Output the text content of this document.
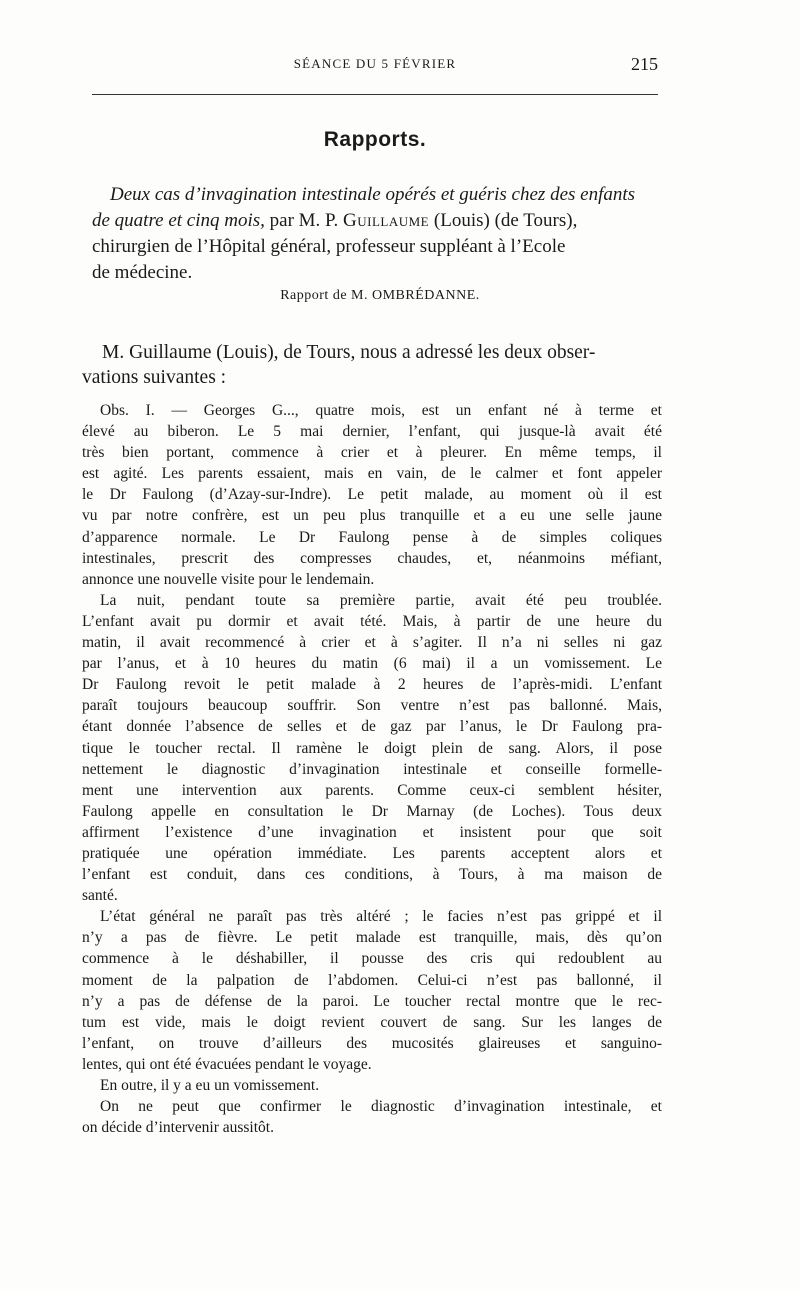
SÉANCE DU 5 FÉVRIER	215
Rapports.
Deux cas d’invagination intestinale opérés et guéris chez des enfants
de quatre et cinq mois, par M. P. Guillaume (Louis) (de Tours),
chirurgien de l’Hôpital général, professeur suppléant à l’Ecole
de médecine.
Rapport de M. OMBRÉDANNE.
M. Guillaume (Louis), de Tours, nous a adressé les deux obser-
vations suivantes :
Obs. I. — Georges G..., quatre mois, est un enfant né à terme et
élevé au biberon. Le 5 mai dernier, l’enfant, qui jusque-là avait été
très bien portant, commence à crier et à pleurer. En même temps, il
est agité. Les parents essaient, mais en vain, de le calmer et font appeler
le Dr Faulong (d’Azay-sur-Indre). Le petit malade, au moment où il est
vu par notre confrère, est un peu plus tranquille et a eu une selle jaune
d’apparence normale. Le Dr Faulong pense à de simples coliques
intestinales, prescrit des compresses chaudes, et, néanmoins méfiant,
annonce une nouvelle visite pour le lendemain.
La nuit, pendant toute sa première partie, avait été peu troublée.
L’enfant avait pu dormir et avait tété. Mais, à partir de une heure du
matin, il avait recommencé à crier et à s’agiter. Il n’a ni selles ni gaz
par l’anus, et à 10 heures du matin (6 mai) il a un vomissement. Le
Dr Faulong revoit le petit malade à 2 heures de l’après-midi. L’enfant
paraît toujours beaucoup souffrir. Son ventre n’est pas ballonné. Mais,
étant donnée l’absence de selles et de gaz par l’anus, le Dr Faulong pra-
tique le toucher rectal. Il ramène le doigt plein de sang. Alors, il pose
nettement le diagnostic d’invagination intestinale et conseille formelle-
ment une intervention aux parents. Comme ceux-ci semblent hésiter,
Faulong appelle en consultation le Dr Marnay (de Loches). Tous deux
affirment l’existence d’une invagination et insistent pour que soit
pratiquée une opération immédiate. Les parents acceptent alors et
l’enfant est conduit, dans ces conditions, à Tours, à ma maison de
santé.
L’état général ne paraît pas très altéré ; le facies n’est pas grippé et il
n’y a pas de fièvre. Le petit malade est tranquille, mais, dès qu’on
commence à le déshabiller, il pousse des cris qui redoublent au
moment de la palpation de l’abdomen. Celui-ci n’est pas ballonné, il
n’y a pas de défense de la paroi. Le toucher rectal montre que le rec-
tum est vide, mais le doigt revient couvert de sang. Sur les langes de
l’enfant, on trouve d’ailleurs des mucosités glaireuses et sanguino-
lentes, qui ont été évacuées pendant le voyage.
En outre, il y a eu un vomissement.
On ne peut que confirmer le diagnostic d’invagination intestinale, et
on décide d’intervenir aussitôt.
